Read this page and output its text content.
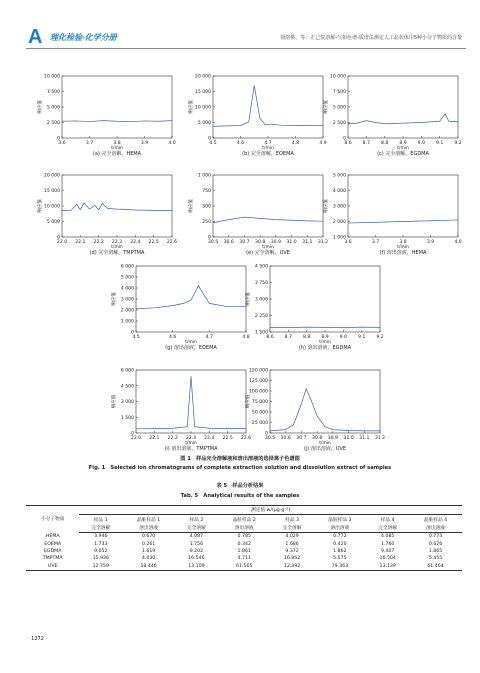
A 理化检验-化学分册	徐韵桃，等：正己烷溶解-气相色谱-质谱法测定人工晶状体中5种小分子物质的含量
0
2 500
5 000
7 500
10 000
3.6	3.7	3.8	3.9	4.0
t/min
响应值
(a) 完全溶解，HEMA
0
5 000
10 000
15 000
20 000
4.5	4.6	4.7	4.8	4.9
t/min
响应值
(b) 完全溶解，EOEMA
0
2 500
5 000
7 500
10 000
8.6 8.7 8.8 8.9 9.0 9.1 9.2
t/min
响应值
(c) 完全溶解，EGDMA
0
5 000
10 000
15 000
20 000
22.0 22.1 22.2 22.3 22.4 22.5 22.6
t/min
响应值
(d) 完全溶解，TMPTMA
0
250
500
750
1 000
30.5 30.6 30.7 30.8 30.9 31.0 31.1 31.2
t/min
响应值
(e) 完全溶解，UVE
1 000
2 000
3 000
4 000
5 000
3.6	3.7	3.8	3.9	4.0
t/min
响应值
(f) 溶出溶液，HEMA
0
1 000
2 000
3 000
4 000
5 000
6 000
4.5	4.6	4.7	4.8
t/min
响应值
(g) 溶出溶液，EOEMA
1 500
2 250
3 000
3 750
4 500
8.6 8.7 8.8 8.9 9.0 9.1 9.2
t/min
响应值
(h) 溶出溶液，EGDMA
0
1 500
3 000
4 500
6 000
22.0 22.1 22.2 22.3 22.4 22.5 22.6
t/min
响应值
(i) 溶出溶液，TMPTMA
0
25 000
50 000
75 000
100 000
125 000
150 000
30.5 30.6 30.7 30.8 30.9 31.0 31.1 31.2
t/min
响应值
(j) 溶出溶液，UVE
图 1　样品完全溶解液和溶出溶液的选择离子色谱图
Fig. 1　Selected ion chromatograms of complete extraction solution and dissolution extract of samples
表 5　样品分析结果
Tab. 5　Analytical results of the samples
小分子物质	测定值 w/(μg·g⁻¹)							
	样品 1	晶脏样品 1	样品 2	晶脏样品 2	样品 3	晶脏样品 3	样品 4	晶脏样品 4
	完全溶解	溶出溶液	完全溶解	溶出溶液	完全溶解	溶出溶液	完全溶解	溶出溶液
HEMA	3.946	0.670	4.087	0.785	4.029	0.772	4.085	0.773
EOEMA	1.733	0.261	1.756	0.342	1.686	0.420	1.760	0.676
EGDMA	9.052	1.619	9.202	1.861	9.372	1.862	9.407	1.865
TMPTMA	15.936	4.430	16.546	4.711	16.852	5.575	16.504	5.455
UVE	12.759	58.446	13.109	61.565	12.392	79.363	13.139	61.464
· 1272 ·
